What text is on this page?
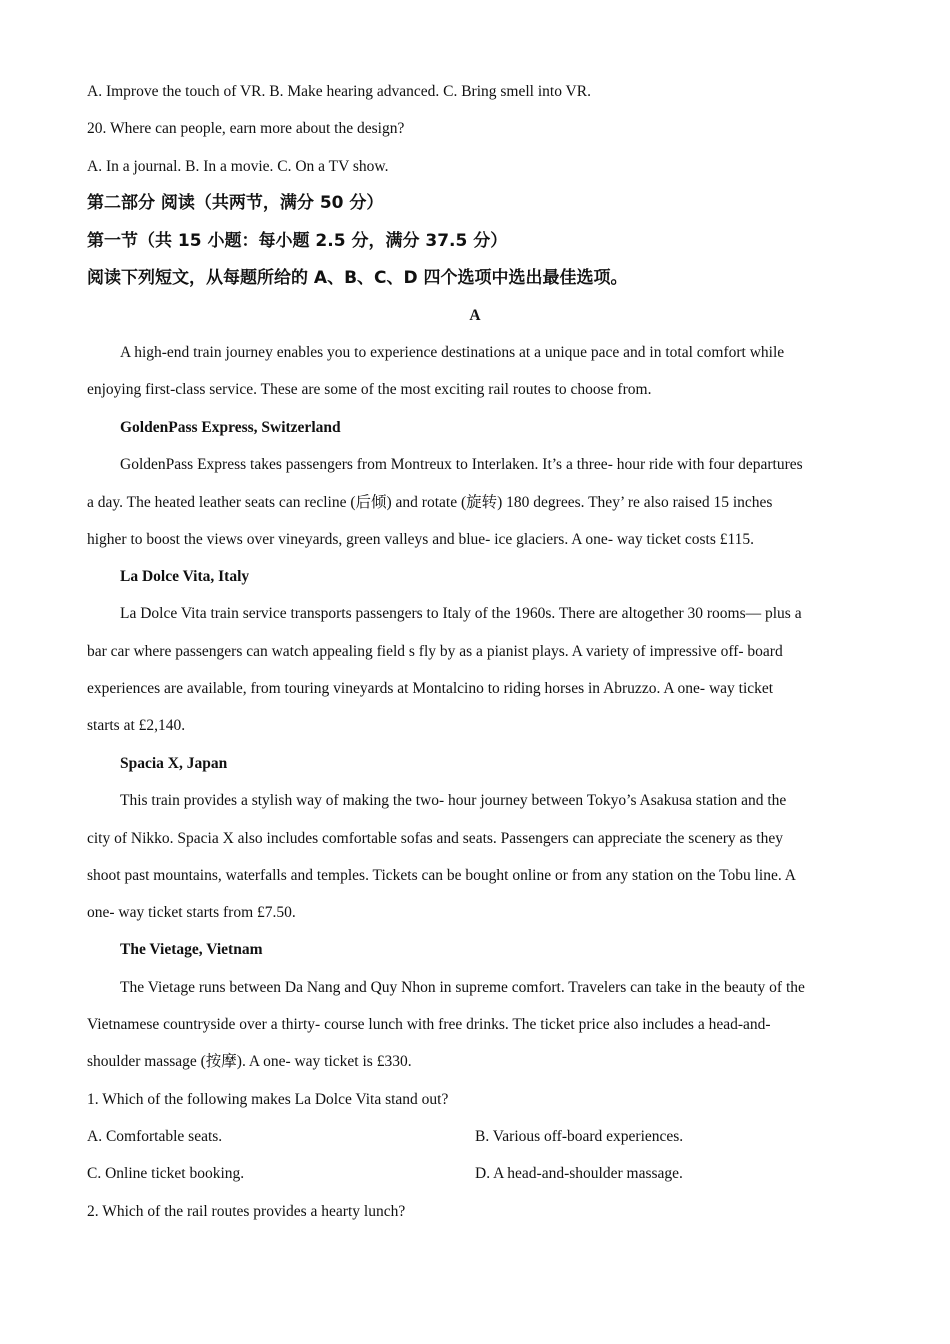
A. Improve the touch of VR. B. Make hearing advanced. C. Bring smell into VR.
20. Where can people, earn more about the design?
A. In a journal. B. In a movie. C. On a TV show.
第二部分 阅读（共两节，满分 50 分）
第一节（共 15 小题：每小题 2.5 分，满分 37.5 分）
阅读下列短文，从每题所给的 A、B、C、D 四个选项中选出最佳选项。
A
A high-end train journey enables you to experience destinations at a unique pace and in total comfort while
enjoying first-class service. These are some of the most exciting rail routes to choose from.
GoldenPass Express, Switzerland
GoldenPass Express takes passengers from Montreux to Interlaken. It’s a three- hour ride with four departures
a day. The heated leather seats can recline (后倾) and rotate (旋转) 180 degrees. They’ re also raised 15 inches
higher to boost the views over vineyards, green valleys and blue- ice glaciers. A one- way ticket costs £115.
La Dolce Vita, Italy
La Dolce Vita train service transports passengers to Italy of the 1960s. There are altogether 30 rooms— plus a
bar car where passengers can watch appealing field s fly by as a pianist plays. A variety of impressive off- board
experiences are available, from touring vineyards at Montalcino to riding horses in Abruzzo. A one- way ticket
starts at £2,140.
Spacia X, Japan
This train provides a stylish way of making the two- hour journey between Tokyo’s Asakusa station and the
city of Nikko. Spacia X also includes comfortable sofas and seats. Passengers can appreciate the scenery as they
shoot past mountains, waterfalls and temples. Tickets can be bought online or from any station on the Tobu line. A
one- way ticket starts from £7.50.
The Vietage, Vietnam
The Vietage runs between Da Nang and Quy Nhon in supreme comfort. Travelers can take in the beauty of the
Vietnamese countryside over a thirty- course lunch with free drinks. The ticket price also includes a head-and-
shoulder massage (按摩). A one- way ticket is £330.
1. Which of the following makes La Dolce Vita stand out?
A. Comfortable seats.	B. Various off-board experiences.
C. Online ticket booking.	D. A head-and-shoulder massage.
2. Which of the rail routes provides a hearty lunch?
